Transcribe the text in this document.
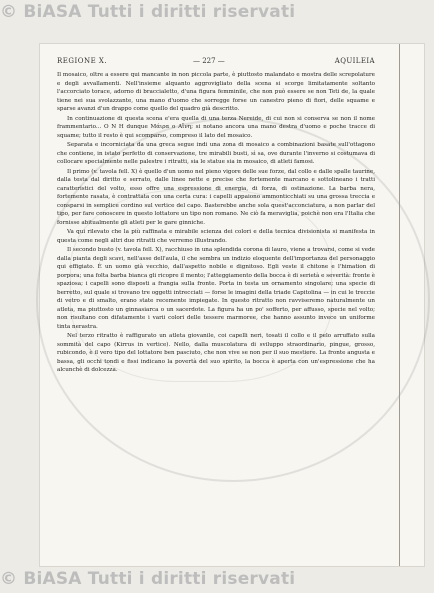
© BiASA Tutti i diritti riservati
REGIONE X.	— 227 —	AQUILEIA

Il mosaico, oltre a essere qui mancante in non piccola parte, è piuttosto malandato e mostra delle screpolature e degli avvallamenti. Nell'insieme alquanto aggrovigliato della scena si scorge limitatamente soltanto l'accorciato torace, adorno di braccialetto, d'una figura femminile, che non può essere se non Teti de, la quale tiene nei sua svolazzante, una mano d'uomo che sorregge forse un canestro pieno di fiori, delle squame e sparse avanzi d'un drappo come quello del quadro già descritto.

In continuazione di questa scena e'era quella di una terza Nereide, di cui non si conserva se non il nome frammentario... O N H dunque Μάιρα o Αἴνη; si notano ancora una mano destra d'uomo e poche tracce di squame; tutto il resto è qui scomparso, compreso il lato del mosaico.

Separata e incorniciata da una greca segue indi una zona di mosaico a combinazioni basate sull'ottagono che contiene, in istato perfetto di conservazione, tre mirabili busti, sì sa, ove durante l'inverno si costumava di collocare specialmente nelle palestre i ritratti, sia le statue sia in mosaico, di atleti famosi.

Il primo (v. tavola fell. X) è quello d'un uomo nel pieno vigore delle sue forze, dal collo e dalle spalle taurine, dalla testa dal diritto e serrato, dalle linee nette e precise che fortemente marcano e sottolineano i tratti caratteristici del volto, esso offre una espressione di energia, di forza, di ostinazione. La barba nera, fortemente rasata, è contrattata con una certa cura: i capelli appaiono ammonticchiati su una grossa treccia e consparsi in semplice cordino sul vertice del capo. Basterebbe anche sola quest'acconciatura, a non parlar del tipo, per fare conoscere in questo lottatore un tipo non romano. Ne ciò fa meraviglia, poichè non era l'Italia che fornisse abitualmente gli atleti per le gare ginniche.

Va qui rilevato che la più raffinata e mirabile scienza dei colori e della tecnica divisionista si manifesta in questa come negli altri due ritratti che verremo illustrando.

Il secondo busto (v. tavola fell. X), racchiuso in una splendida corona di lauro, viene a trovarsi, come si vede dalla pianta degli scavi, nell'asse dell'aula, il che sembra un indizio eloquente dell'importanza del personaggio qui effigiato. È un uomo già vecchio, dall'aspetto nobile e dignitoso. Egli veste il chitone e l'himation di porpora; una folta barba bianca gli ricopre il mento; l'atteggiamento della bocca è di serietà e severità: fronte è spaziosa; i capelli sono disposti a frangia sulla fronte. Porta in testa un ornamento singolare; una specie di berretto, sul quale si trovano tre oggetti intrecciati — forse le imagini della triade Capitolina — in cui le treccie di vetro e di smalto, erano state recemente impiegate. In questo ritratto non ravviseremo naturalmente un atleta, ma piuttosto un ginnasiarca o un sacerdote. La figura ha un po' sofferto, per affusso, specie nel volto; non risultano con difatamente i varii colori delle tessere marmoree, che hanno assunto invece un uniforme tinta nerastra.

Nel terzo ritratto è raffigurato un atleta giovanile, coi capelli neri, tosati il collo e il pelo arruffato sulla sommità del capo (Kirrus in vertice). Nello, dalla muscolatura di sviluppo straordinario, pingue, grosso, rubicondo, è il vero tipo del lottatore ben pasciuto, che non vive se non per il suo mestiere. La fronte angusta e bassa, gli occhi tondi e fissi indicano la povertà del suo spirito, la bocca è aperta con un'espressione che ha alcunchè di dolcezza.

© BiASA Tutti i diritti riservati
